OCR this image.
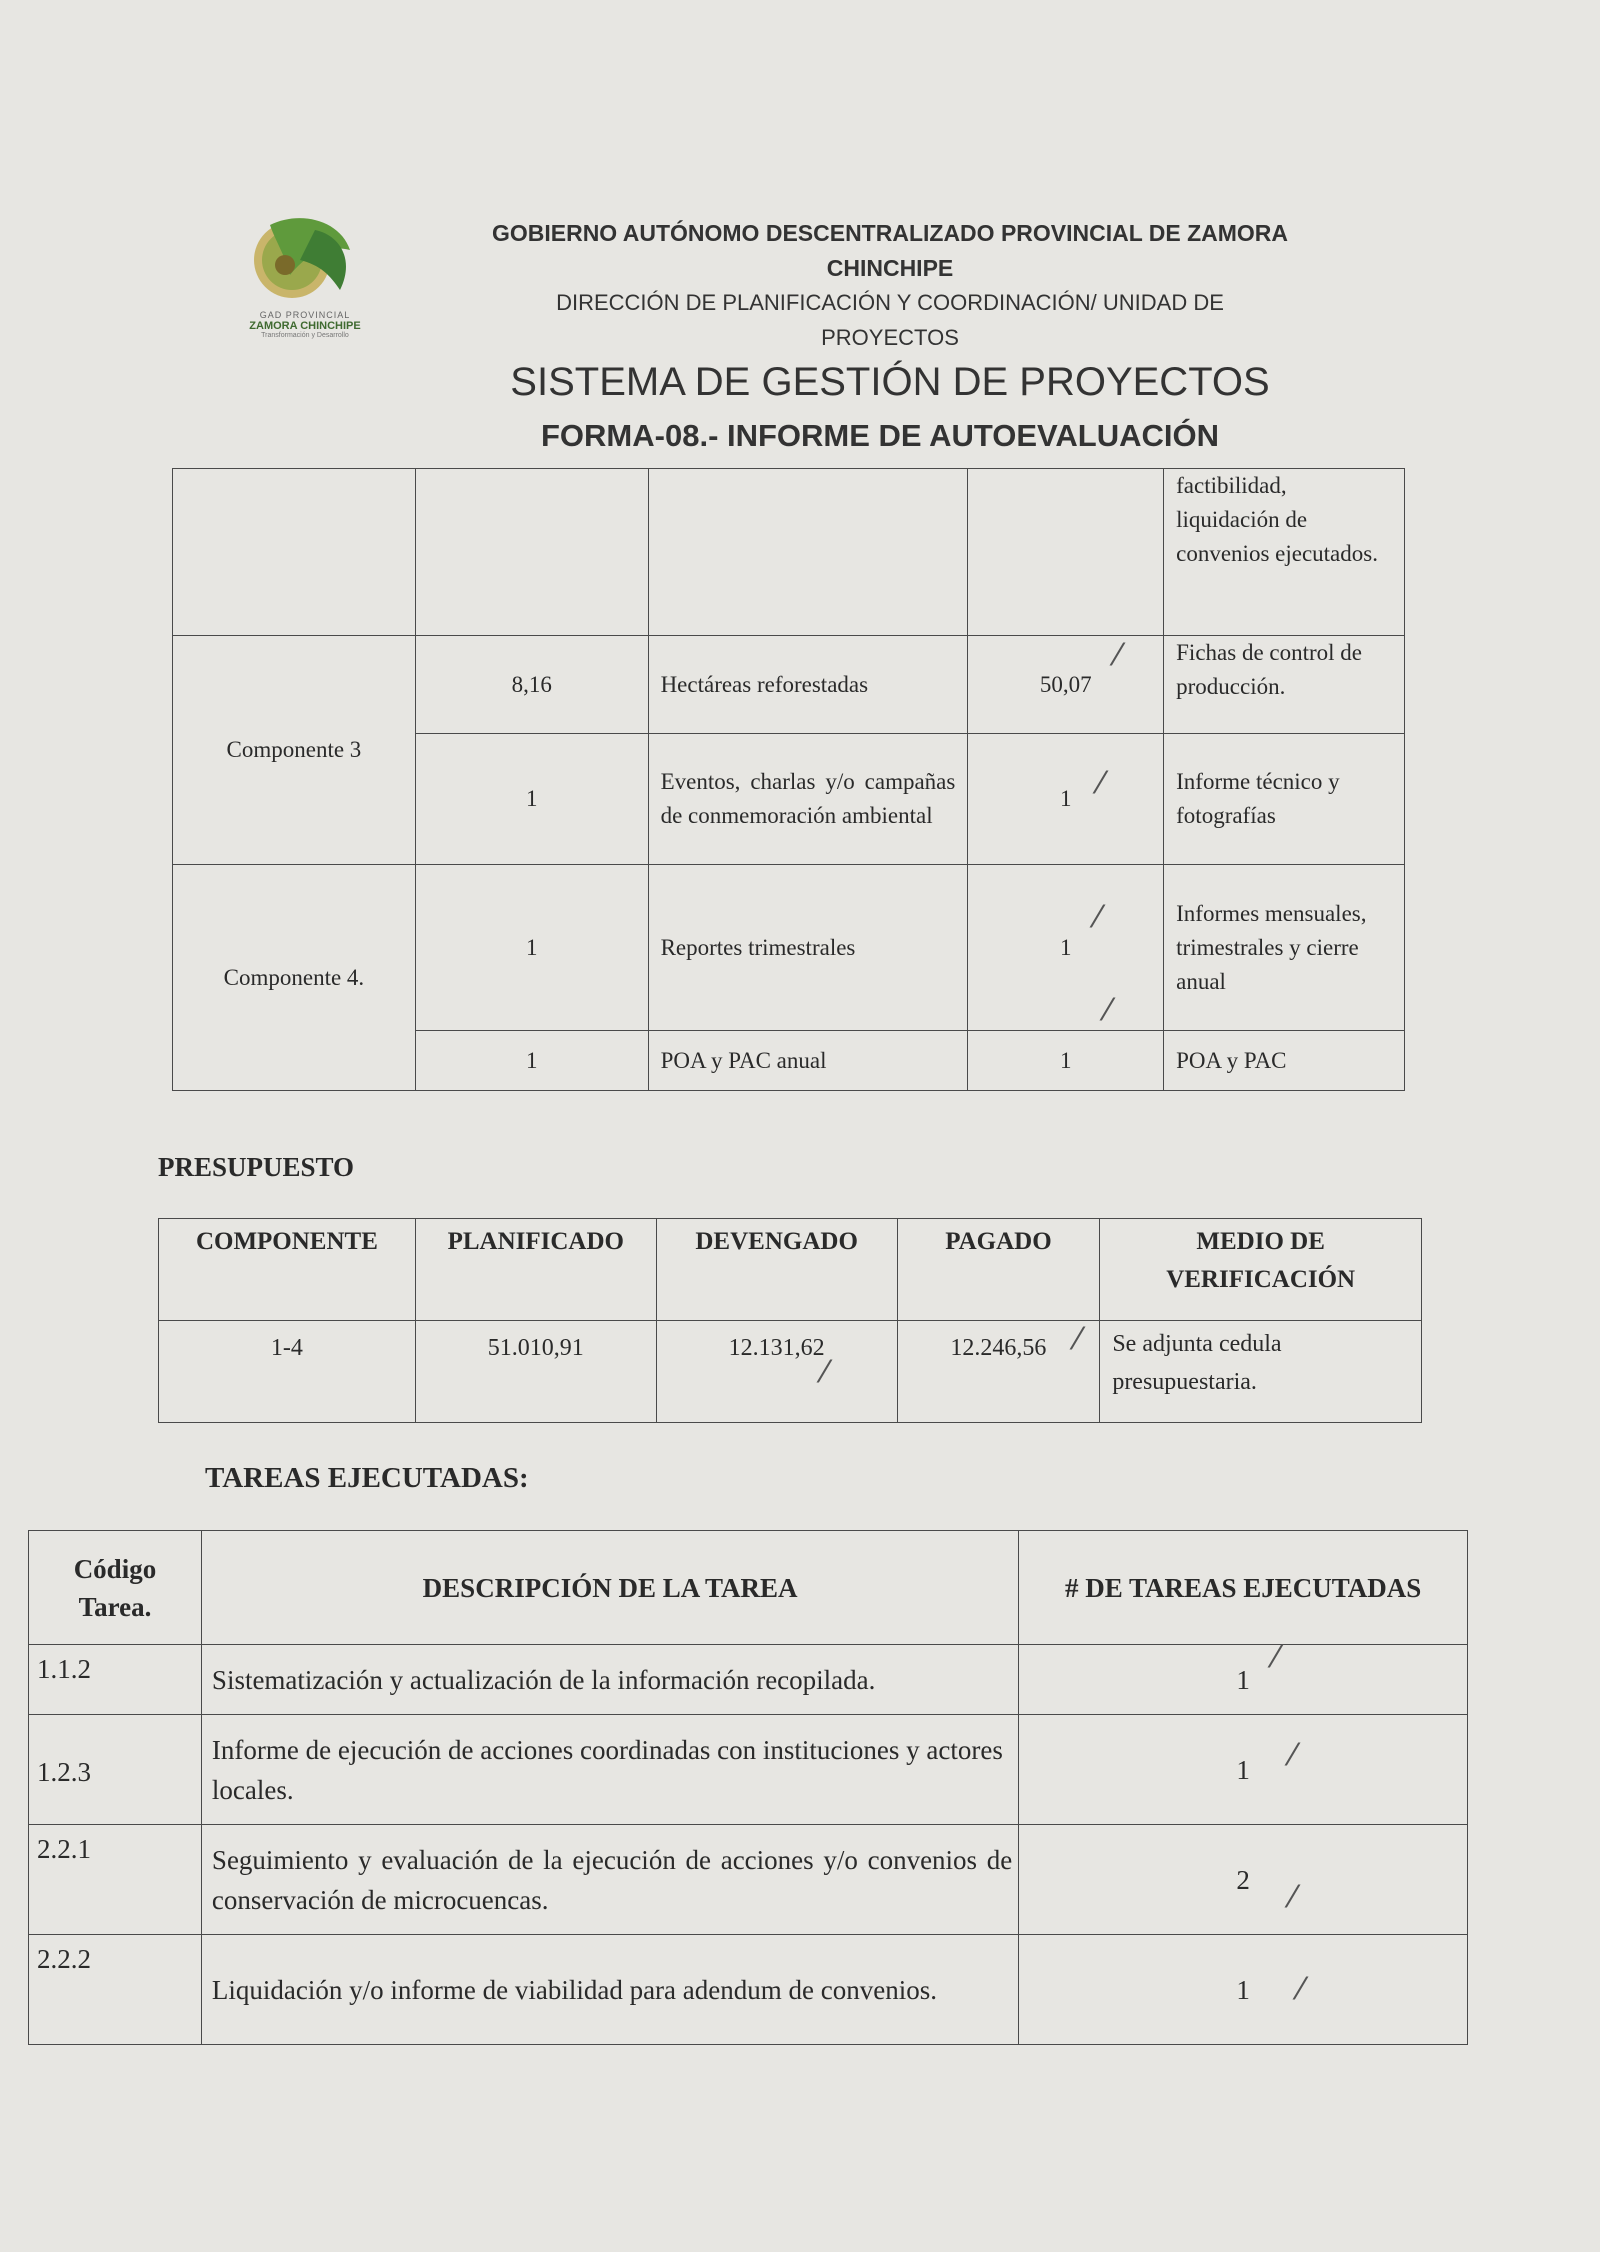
GAD PROVINCIAL
ZAMORA CHINCHIPE
Transformación y Desarrollo
GOBIERNO AUTÓNOMO DESCENTRALIZADO PROVINCIAL DE ZAMORA
CHINCHIPE
DIRECCIÓN DE PLANIFICACIÓN Y COORDINACIÓN/ UNIDAD DE
PROYECTOS
SISTEMA DE GESTIÓN DE PROYECTOS
FORMA-08.- INFORME DE AUTOEVALUACIÓN
				factibilidad, liquidación de convenios ejecutados.
Componente 3	8,16	Hectáreas reforestadas	50,07	Fichas de control de producción.
	1	Eventos, charlas y/o campañas de conmemoración ambiental	1	Informe técnico y fotografías
Componente 4.	1	Reportes trimestrales	1	Informes mensuales, trimestrales y cierre anual
	1	POA y PAC anual	1	POA y PAC
PRESUPUESTO
COMPONENTE	PLANIFICADO	DEVENGADO	PAGADO	MEDIO DE
VERIFICACIÓN

1-4	51.010,91	12.131,62	12.246,56	Se adjunta cedula presupuestaria.
TAREAS EJECUTADAS:
Código
Tarea.	DESCRIPCIÓN DE LA TAREA	# DE TAREAS EJECUTADAS
1.1.2	Sistematización y actualización de la información recopilada.	1
1.2.3	Informe de ejecución de acciones coordinadas con instituciones y actores locales.	1
2.2.1	Seguimiento y evaluación de la ejecución de acciones y/o convenios de conservación de microcuencas.	2
2.2.2	Liquidación y/o informe de viabilidad para adendum de convenios.	1
⁄
⁄
⁄
⁄
⁄
⁄
⁄
⁄
⁄
⁄
